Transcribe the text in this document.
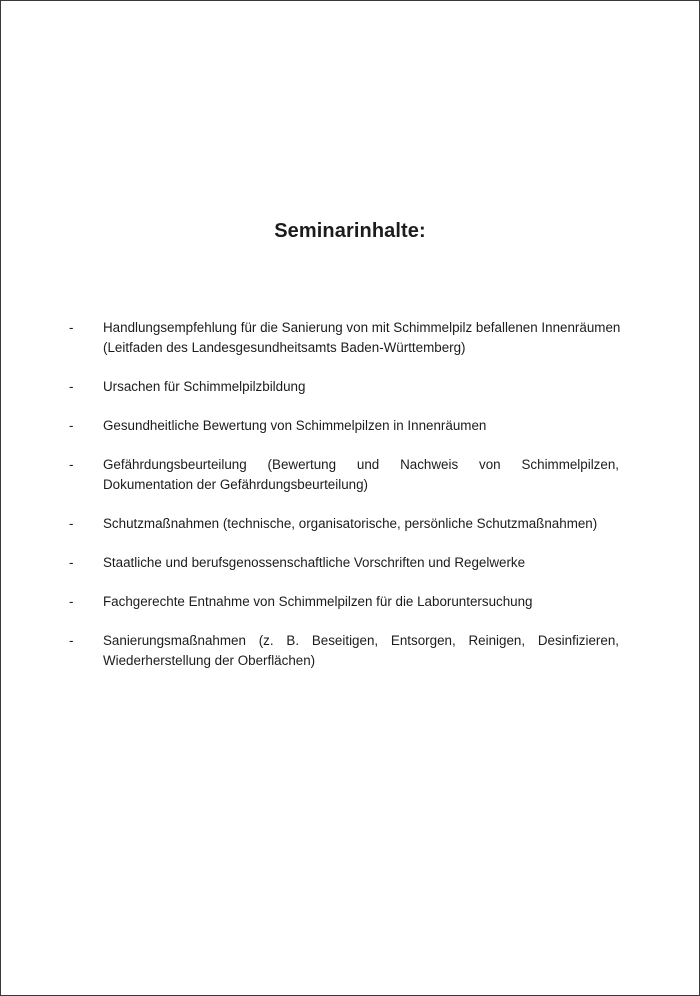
Seminarinhalte:
- Handlungsempfehlung für die Sanierung von mit Schimmelpilz befallenen Innenräumen
(Leitfaden des Landesgesundheitsamts Baden-Württemberg)
- Ursachen für Schimmelpilzbildung
- Gesundheitliche Bewertung von Schimmelpilzen in Innenräumen
- Gefährdungsbeurteilung (Bewertung und Nachweis von Schimmelpilzen,
Dokumentation der Gefährdungsbeurteilung)
- Schutzmaßnahmen (technische, organisatorische, persönliche Schutzmaßnahmen)
- Staatliche und berufsgenossenschaftliche Vorschriften und Regelwerke
- Fachgerechte Entnahme von Schimmelpilzen für die Laboruntersuchung
- Sanierungsmaßnahmen (z. B. Beseitigen, Entsorgen, Reinigen, Desinfizieren,
Wiederherstellung der Oberflächen)
